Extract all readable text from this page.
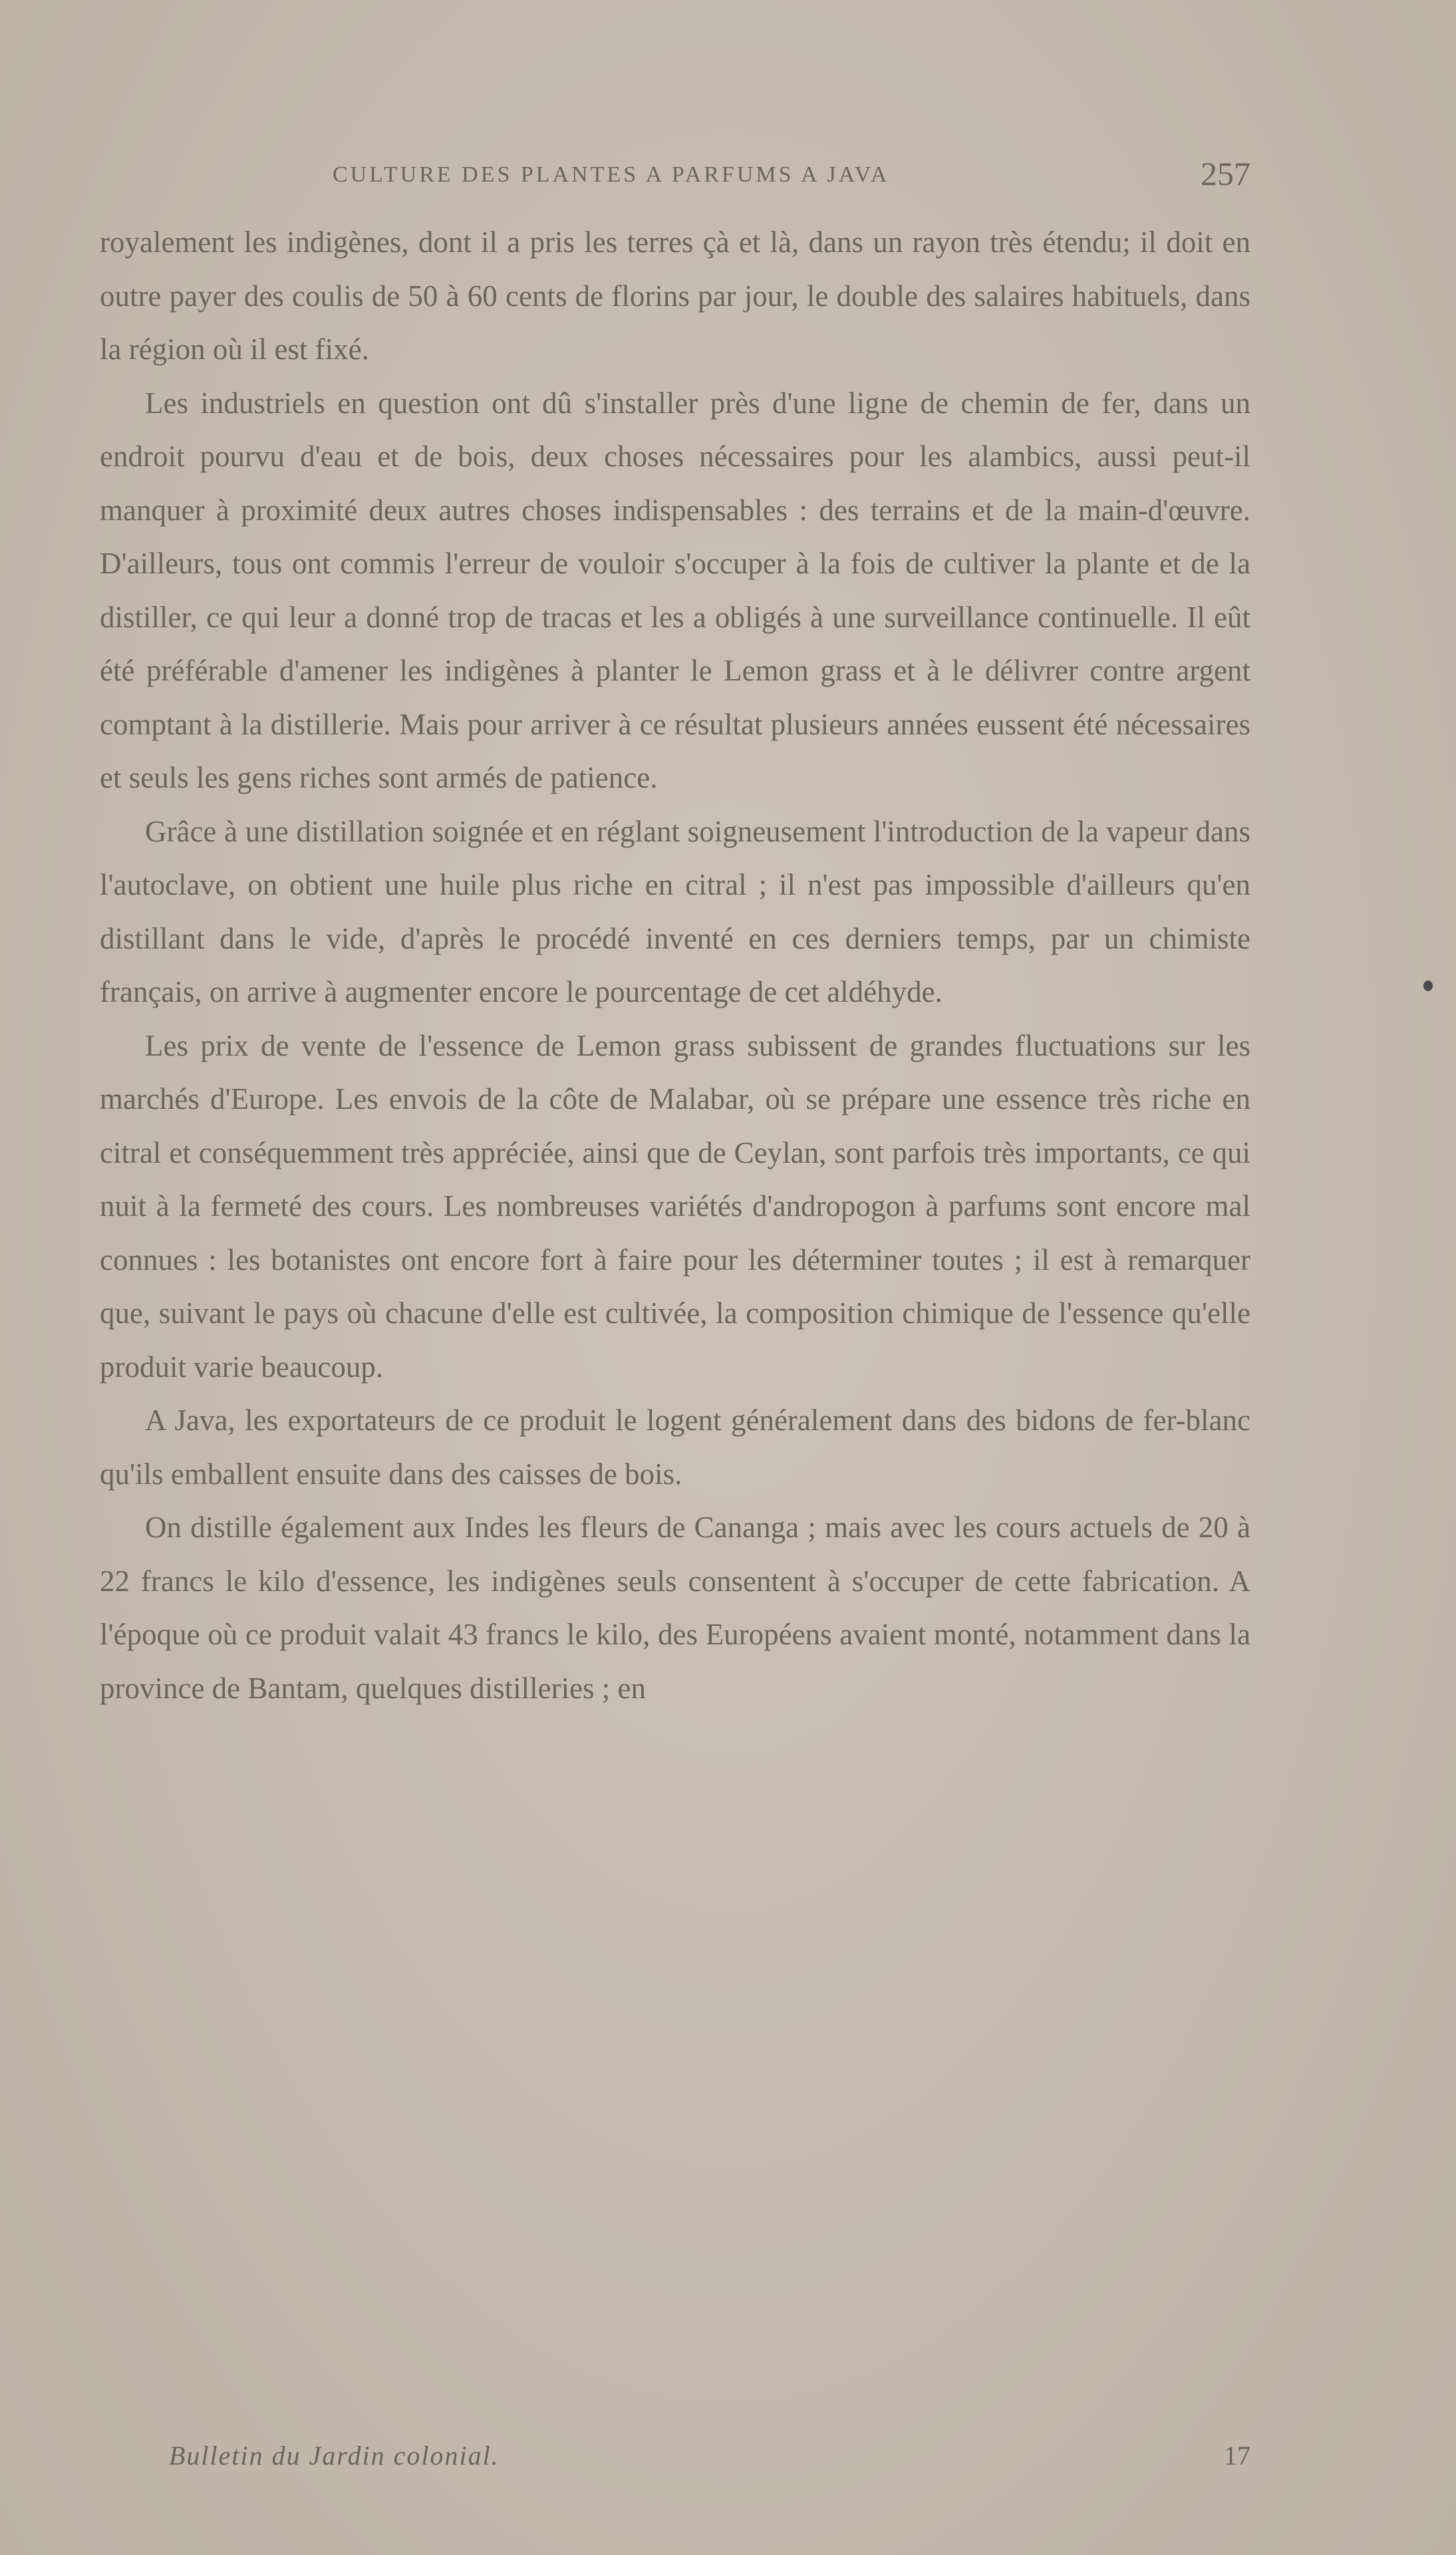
CULTURE DES PLANTES A PARFUMS A JAVA	257

royalement les indigènes, dont il a pris les terres çà et là, dans un rayon très étendu; il doit en outre payer des coulis de 50 à 60 cents de florins par jour, le double des salaires habituels, dans la région où il est fixé.

Les industriels en question ont dû s'installer près d'une ligne de chemin de fer, dans un endroit pourvu d'eau et de bois, deux choses nécessaires pour les alambics, aussi peut-il manquer à proximité deux autres choses indispensables : des terrains et de la main-d'œuvre. D'ailleurs, tous ont commis l'erreur de vouloir s'occuper à la fois de cultiver la plante et de la distiller, ce qui leur a donné trop de tracas et les a obligés à une surveillance continuelle. Il eût été préférable d'amener les indigènes à planter le Lemon grass et à le délivrer contre argent comptant à la distillerie. Mais pour arriver à ce résultat plusieurs années eussent été nécessaires et seuls les gens riches sont armés de patience.

Grâce à une distillation soignée et en réglant soigneusement l'introduction de la vapeur dans l'autoclave, on obtient une huile plus riche en citral ; il n'est pas impossible d'ailleurs qu'en distillant dans le vide, d'après le procédé inventé en ces derniers temps, par un chimiste français, on arrive à augmenter encore le pourcentage de cet aldéhyde.

Les prix de vente de l'essence de Lemon grass subissent de grandes fluctuations sur les marchés d'Europe. Les envois de la côte de Malabar, où se prépare une essence très riche en citral et conséquemment très appréciée, ainsi que de Ceylan, sont parfois très importants, ce qui nuit à la fermeté des cours. Les nombreuses variétés d'andropogon à parfums sont encore mal connues : les botanistes ont encore fort à faire pour les déterminer toutes ; il est à remarquer que, suivant le pays où chacune d'elle est cultivée, la composition chimique de l'essence qu'elle produit varie beaucoup.

A Java, les exportateurs de ce produit le logent généralement dans des bidons de fer-blanc qu'ils emballent ensuite dans des caisses de bois.

On distille également aux Indes les fleurs de Cananga ; mais avec les cours actuels de 20 à 22 francs le kilo d'essence, les indigènes seuls consentent à s'occuper de cette fabrication. A l'époque où ce produit valait 43 francs le kilo, des Européens avaient monté, notamment dans la province de Bantam, quelques distilleries ; en

Bulletin du Jardin colonial.	17
